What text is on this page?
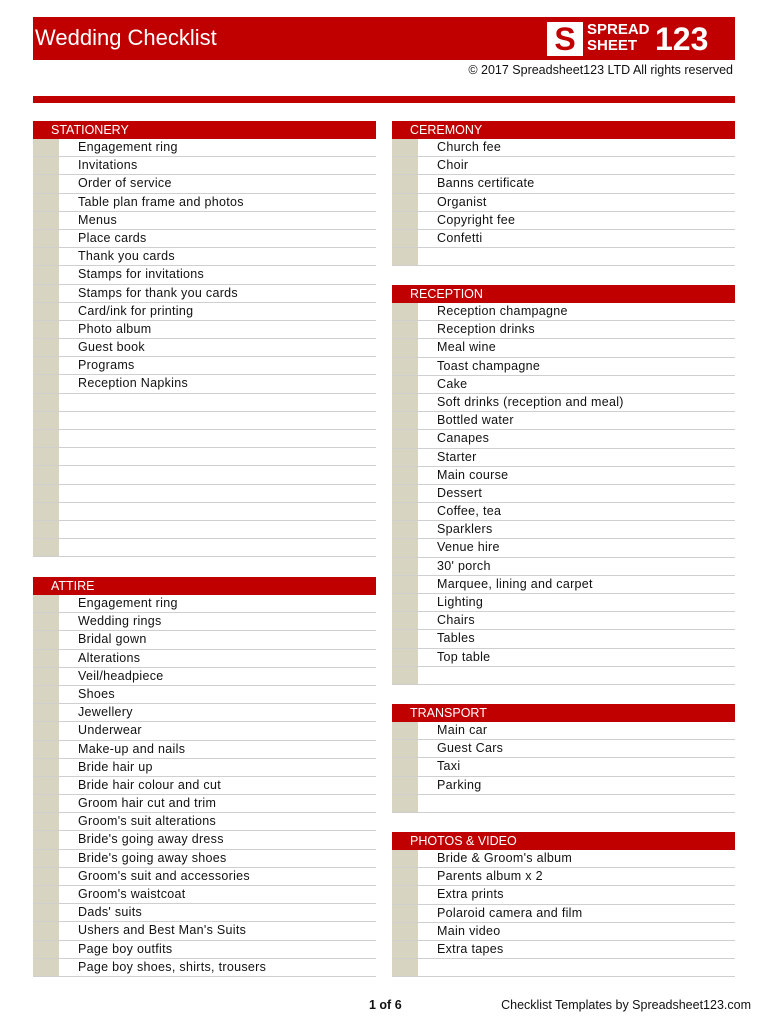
Wedding Checklist	S SPREAD
SHEET 123
© 2017 Spreadsheet123 LTD All rights reserved
STATIONERY
Engagement ring
Invitations
Order of service
Table plan frame and photos
Menus
Place cards
Thank you cards
Stamps for invitations
Stamps for thank you cards
Card/ink for printing
Photo album
Guest book
Programs
Reception Napkins
ATTIRE
Engagement ring
Wedding rings
Bridal gown
Alterations
Veil/headpiece
Shoes
Jewellery
Underwear
Make-up and nails
Bride hair up
Bride hair colour and cut
Groom hair cut and trim
Groom's suit alterations
Bride's going away dress
Bride's going away shoes
Groom's suit and accessories
Groom's waistcoat
Dads' suits
Ushers and Best Man's Suits
Page boy outfits
Page boy shoes, shirts, trousers
CEREMONY
Church fee
Choir
Banns certificate
Organist
Copyright fee
Confetti
RECEPTION
Reception champagne
Reception drinks
Meal wine
Toast champagne
Cake
Soft drinks (reception and meal)
Bottled water
Canapes
Starter
Main course
Dessert
Coffee, tea
Sparklers
Venue hire
30' porch
Marquee, lining and carpet
Lighting
Chairs
Tables
Top table
TRANSPORT
Main car
Guest Cars
Taxi
Parking
PHOTOS & VIDEO
Bride & Groom's album
Parents album x 2
Extra prints
Polaroid camera and film
Main video
Extra tapes
1 of 6	Checklist Templates by Spreadsheet123.com
